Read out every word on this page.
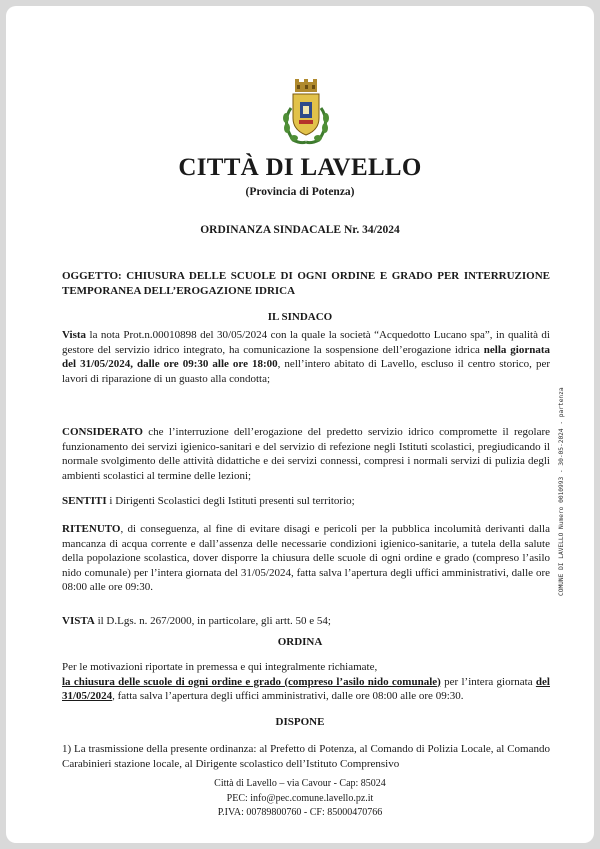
CITTÀ DI LAVELLO
(Provincia di Potenza)
ORDINANZA SINDACALE Nr. 34/2024
OGGETTO: CHIUSURA DELLE SCUOLE DI OGNI ORDINE E GRADO PER INTERRUZIONE TEMPORANEA DELL’EROGAZIONE IDRICA
IL SINDACO
Vista la nota Prot.n.00010898 del 30/05/2024 con la quale la società “Acquedotto Lucano spa”, in qualità di gestore del servizio idrico integrato, ha comunicazione la sospensione dell’erogazione idrica nella giornata del 31/05/2024, dalle ore 09:30 alle ore 18:00, nell’intero abitato di Lavello, escluso il centro storico, per lavori di riparazione di un guasto alla condotta;
CONSIDERATO che l’interruzione dell’erogazione del predetto servizio idrico compromette il regolare funzionamento dei servizi igienico-sanitari e del servizio di refezione negli Istituti scolastici, pregiudicando il normale svolgimento delle attività didattiche e dei servizi connessi, compresi i normali servizi di pulizia degli ambienti scolastici al termine delle lezioni;
SENTITI i Dirigenti Scolastici degli Istituti presenti sul territorio;
RITENUTO, di conseguenza, al fine di evitare disagi e pericoli per la pubblica incolumità derivanti dalla mancanza di acqua corrente e dall’assenza delle necessarie condizioni igienico-sanitarie, a tutela della salute della popolazione scolastica, dover disporre la chiusura delle scuole di ogni ordine e grado (compreso l’asilo nido comunale) per l’intera giornata del 31/05/2024, fatta salva l’apertura degli uffici amministrativi, dalle ore 08:00 alle ore 09:30.
VISTA il D.Lgs. n. 267/2000, in particolare, gli artt. 50 e 54;
ORDINA
Per le motivazioni riportate in premessa e qui integralmente richiamate,
la chiusura delle scuole di ogni ordine e grado (compreso l’asilo nido comunale) per l’intera giornata del 31/05/2024, fatta salva l’apertura degli uffici amministrativi, dalle ore 08:00 alle ore 09:30.
DISPONE
1) La trasmissione della presente ordinanza: al Prefetto di Potenza, al Comando di Polizia Locale, al Comando Carabinieri stazione locale, al Dirigente scolastico dell’Istituto Comprensivo
Città di Lavello – via Cavour - Cap: 85024
PEC: info@pec.comune.lavello.pz.it
P.IVA: 00789800760 - CF: 85000470766
COMUNE DI LAVELLO Numero 0010993 - 30-05-2024 - partenza
